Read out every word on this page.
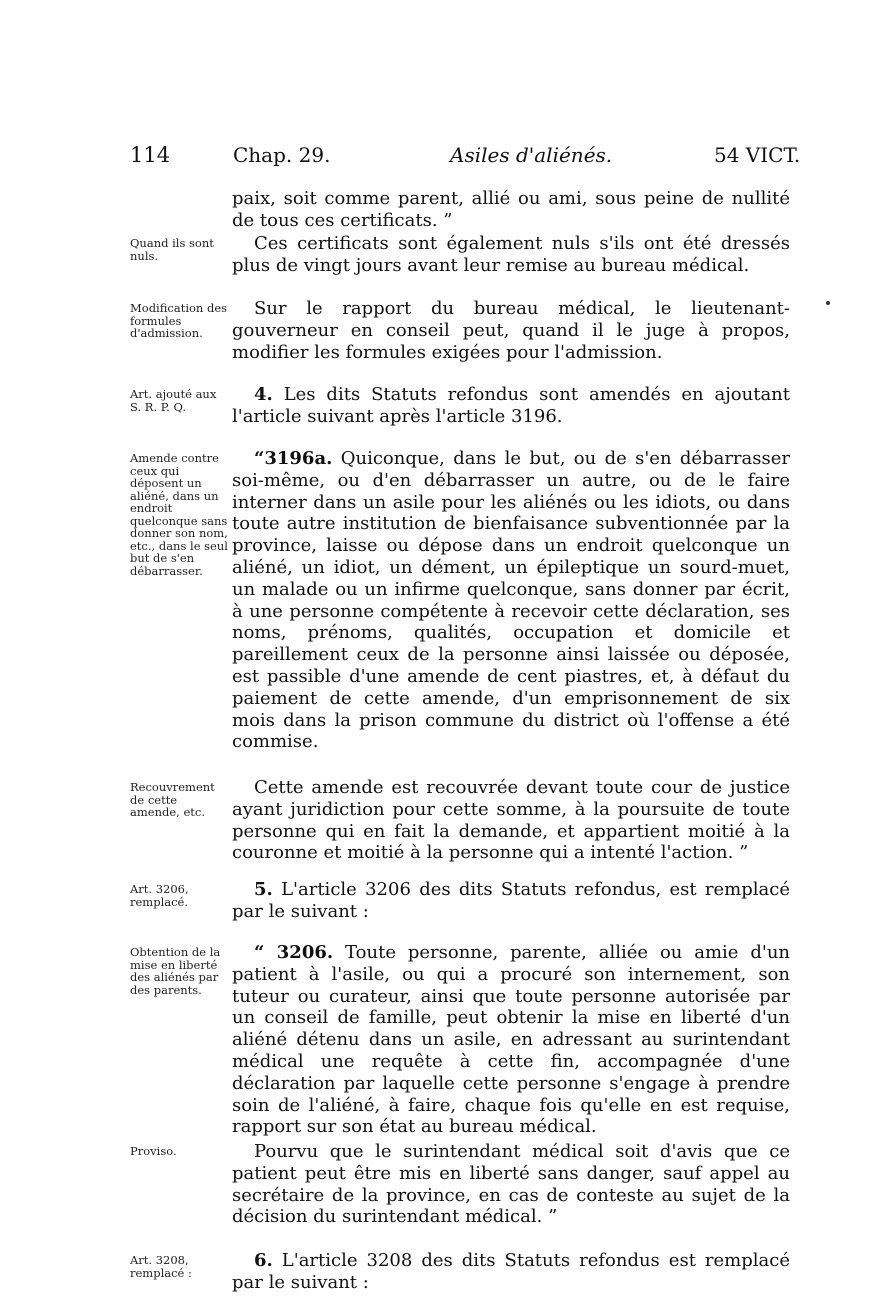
114	Chap. 29.	Asiles d'aliénés.	54 VICT.
paix, soit comme parent, allié ou ami, sous peine de nullité de tous ces certificats. ”
Quand ils sont nuls.
Ces certificats sont également nuls s'ils ont été dressés plus de vingt jours avant leur remise au bureau médical.
Modification des formules d'admission.
Sur le rapport du bureau médical, le lieutenant-gouverneur en conseil peut, quand il le juge à propos, modifier les formules exigées pour l'admission.
Art. ajouté aux S. R. P. Q.
4. Les dits Statuts refondus sont amendés en ajoutant l'article suivant après l'article 3196.
Amende contre ceux qui déposent un aliéné, dans un endroit quelconque sans donner son nom, etc., dans le seul but de s'en débarrasser.
“3196a. Quiconque, dans le but, ou de s'en débarrasser soi-même, ou d'en débarrasser un autre, ou de le faire interner dans un asile pour les aliénés ou les idiots, ou dans toute autre institution de bienfaisance subventionnée par la province, laisse ou dépose dans un endroit quelconque un aliéné, un idiot, un dément, un épileptique un sourd-muet, un malade ou un infirme quelconque, sans donner par écrit, à une personne compétente à recevoir cette déclaration, ses noms, prénoms, qualités, occupation et domicile et pareillement ceux de la personne ainsi laissée ou déposée, est passible d'une amende de cent piastres, et, à défaut du paiement de cette amende, d'un emprisonnement de six mois dans la prison commune du district où l'offense a été commise.
Recouvrement de cette amende, etc.
Cette amende est recouvrée devant toute cour de justice ayant juridiction pour cette somme, à la poursuite de toute personne qui en fait la demande, et appartient moitié à la couronne et moitié à la personne qui a intenté l'action. ”
Art. 3206, remplacé.
5. L'article 3206 des dits Statuts refondus, est remplacé par le suivant :
Obtention de la mise en liberté des aliénés par des parents.
“ 3206. Toute personne, parente, alliée ou amie d'un patient à l'asile, ou qui a procuré son internement, son tuteur ou curateur, ainsi que toute personne autorisée par un conseil de famille, peut obtenir la mise en liberté d'un aliéné détenu dans un asile, en adressant au surintendant médical une requête à cette fin, accompagnée d'une déclaration par laquelle cette personne s'engage à prendre soin de l'aliéné, à faire, chaque fois qu'elle en est requise, rapport sur son état au bureau médical.
Proviso.	Pourvu que le surintendant médical soit d'avis que ce patient peut être mis en liberté sans danger, sauf appel au secrétaire de la province, en cas de conteste au sujet de la décision du surintendant médical. ”
Art. 3208, remplacé :
6. L'article 3208 des dits Statuts refondus est remplacé par le suivant :
